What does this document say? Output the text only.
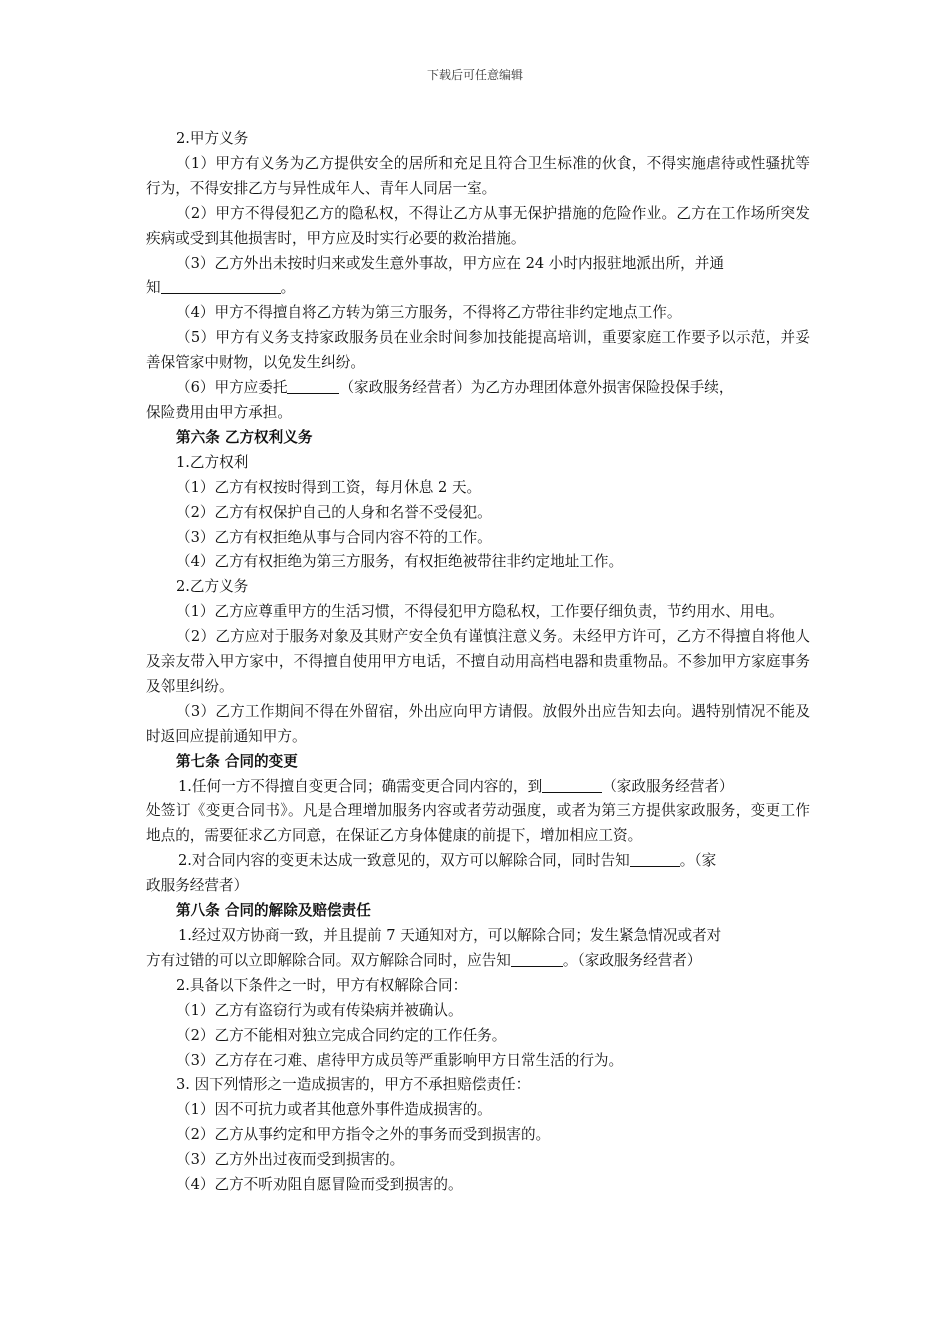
下载后可任意编辑

2.甲方义务

（1）甲方有义务为乙方提供安全的居所和充足且符合卫生标准的伙食，不得实施虐待或性骚扰等行为，不得安排乙方与异性成年人、青年人同居一室。

（2）甲方不得侵犯乙方的隐私权，不得让乙方从事无保护措施的危险作业。乙方在工作场所突发疾病或受到其他损害时，甲方应及时实行必要的救治措施。

（3）乙方外出未按时归来或发生意外事故，甲方应在 24 小时内报驻地派出所，并通

知	。

（4）甲方不得擅自将乙方转为第三方服务，不得将乙方带往非约定地点工作。

（5）甲方有义务支持家政服务员在业余时间参加技能提高培训，重要家庭工作要予以示范，并妥善保管家中财物，以免发生纠纷。

（6）甲方应委托	（家政服务经营者）为乙方办理团体意外损害保险投保手续，

保险费用由甲方承担。

第六条 乙方权利义务

1.乙方权利

（1）乙方有权按时得到工资，每月休息 2 天。

（2）乙方有权保护自己的人身和名誉不受侵犯。

（3）乙方有权拒绝从事与合同内容不符的工作。

（4）乙方有权拒绝为第三方服务，有权拒绝被带往非约定地址工作。

2.乙方义务

（1）乙方应尊重甲方的生活习惯，不得侵犯甲方隐私权，工作要仔细负责，节约用水、用电。

（2）乙方应对于服务对象及其财产安全负有谨慎注意义务。未经甲方许可，乙方不得擅自将他人及亲友带入甲方家中，不得擅自使用甲方电话，不擅自动用高档电器和贵重物品。不参加甲方家庭事务及邻里纠纷。

（3）乙方工作期间不得在外留宿，外出应向甲方请假。放假外出应告知去向。遇特别情况不能及时返回应提前通知甲方。

第七条 合同的变更

1.任何一方不得擅自变更合同；确需变更合同内容的，到	（家政服务经营者）

处签订《变更合同书》。凡是合理增加服务内容或者劳动强度，或者为第三方提供家政服务，变更工作地点的，需要征求乙方同意，在保证乙方身体健康的前提下，增加相应工资。

2.对合同内容的变更未达成一致意见的，双方可以解除合同，同时告知	。（家

政服务经营者）

第八条 合同的解除及赔偿责任

1.经过双方协商一致，并且提前 7 天通知对方，可以解除合同；发生紧急情况或者对

方有过错的可以立即解除合同。双方解除合同时，应告知	。（家政服务经营者）

2.具备以下条件之一时，甲方有权解除合同：

（1）乙方有盗窃行为或有传染病并被确认。

（2）乙方不能相对独立完成合同约定的工作任务。

（3）乙方存在刁难、虐待甲方成员等严重影响甲方日常生活的行为。

3. 因下列情形之一造成损害的，甲方不承担赔偿责任：

（1）因不可抗力或者其他意外事件造成损害的。

（2）乙方从事约定和甲方指令之外的事务而受到损害的。

（3）乙方外出过夜而受到损害的。

（4）乙方不听劝阻自愿冒险而受到损害的。
